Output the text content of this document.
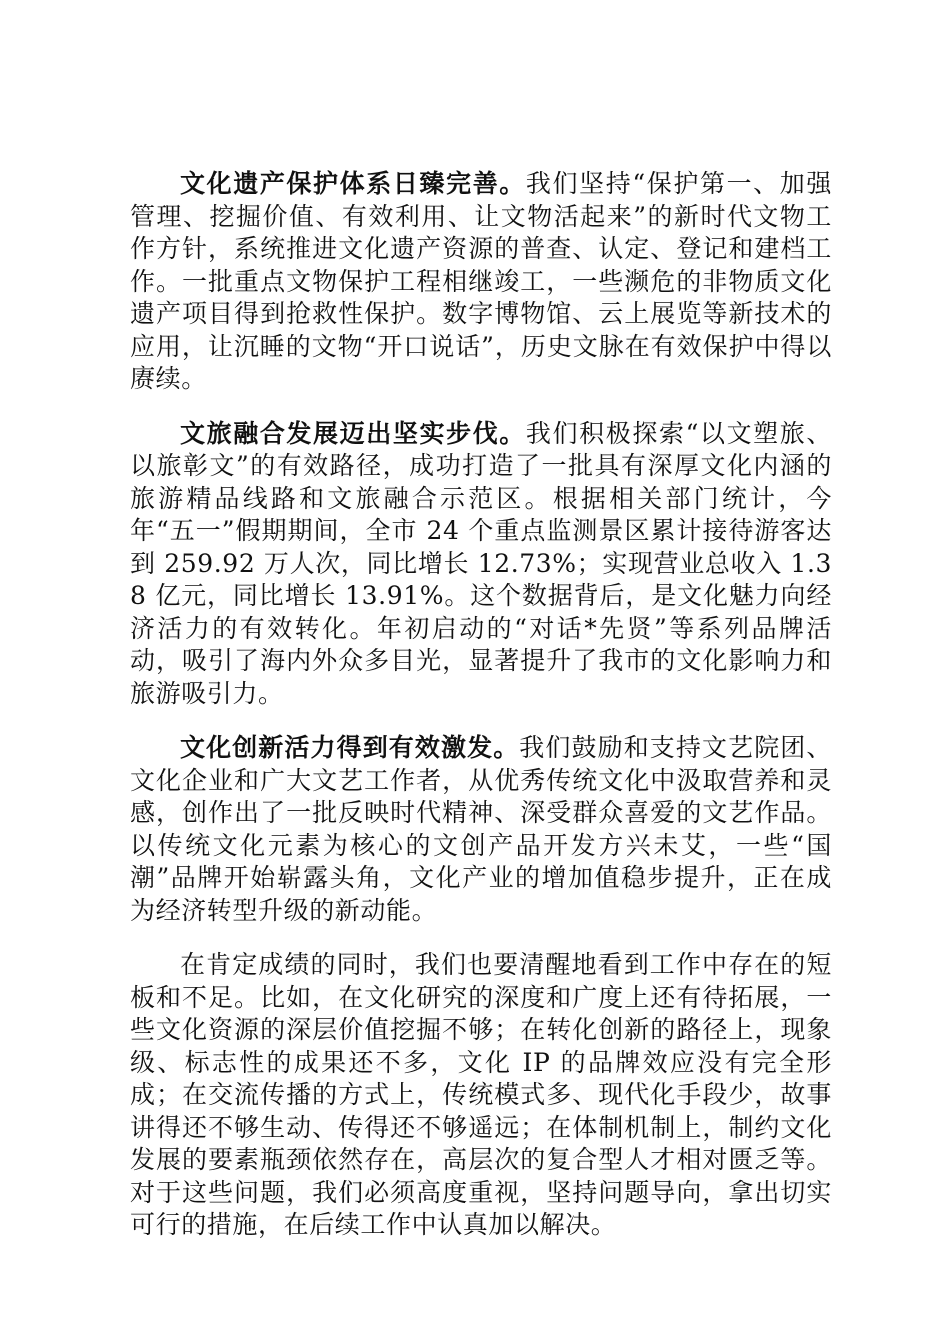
文化遗产保护体系日臻完善。我们坚持“保护第一、加强管理、挖掘价值、有效利用、让文物活起来”的新时代文物工作方针，系统推进文化遗产资源的普查、认定、登记和建档工作。一批重点文物保护工程相继竣工，一些濒危的非物质文化遗产项目得到抢救性保护。数字博物馆、云上展览等新技术的应用，让沉睡的文物“开口说话”，历史文脉在有效保护中得以赓续。

文旅融合发展迈出坚实步伐。我们积极探索“以文塑旅、以旅彰文”的有效路径，成功打造了一批具有深厚文化内涵的旅游精品线路和文旅融合示范区。根据相关部门统计，今年“五一”假期期间，全市 24 个重点监测景区累计接待游客达到 259.92 万人次，同比增长 12.73%；实现营业总收入 1.38 亿元，同比增长 13.91%。这个数据背后，是文化魅力向经济活力的有效转化。年初启动的“对话*先贤”等系列品牌活动，吸引了海内外众多目光，显著提升了我市的文化影响力和旅游吸引力。

文化创新活力得到有效激发。我们鼓励和支持文艺院团、文化企业和广大文艺工作者，从优秀传统文化中汲取营养和灵感，创作出了一批反映时代精神、深受群众喜爱的文艺作品。以传统文化元素为核心的文创产品开发方兴未艾，一些“国潮”品牌开始崭露头角，文化产业的增加值稳步提升，正在成为经济转型升级的新动能。

在肯定成绩的同时，我们也要清醒地看到工作中存在的短板和不足。比如，在文化研究的深度和广度上还有待拓展，一些文化资源的深层价值挖掘不够；在转化创新的路径上，现象级、标志性的成果还不多，文化 IP 的品牌效应没有完全形成；在交流传播的方式上，传统模式多、现代化手段少，故事讲得还不够生动、传得还不够遥远；在体制机制上，制约文化发展的要素瓶颈依然存在，高层次的复合型人才相对匮乏等。对于这些问题，我们必须高度重视，坚持问题导向，拿出切实可行的措施，在后续工作中认真加以解决。
